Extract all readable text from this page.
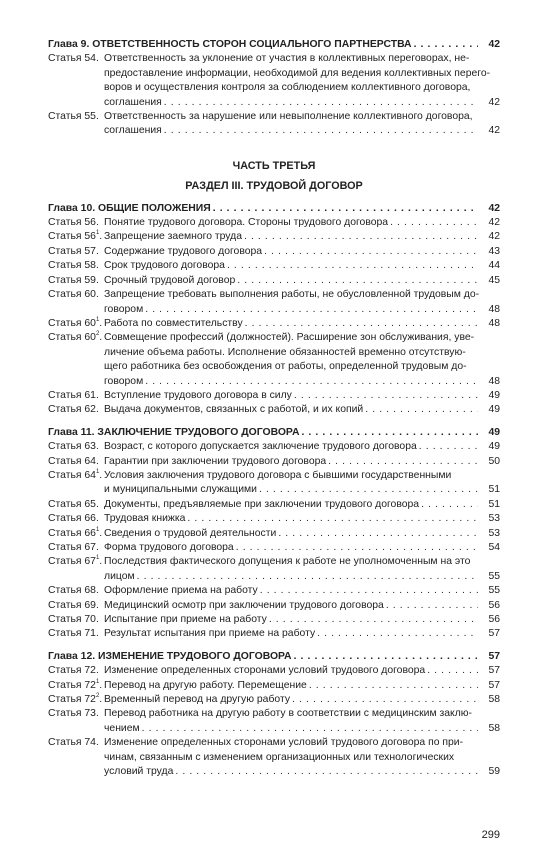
Глава 9. ОТВЕТСТВЕННОСТЬ СТОРОН СОЦИАЛЬНОГО ПАРТНЕРСТВА . . .	42
Статья 54. Ответственность за уклонение от участия в коллективных переговорах, не-
предоставление информации, необходимой для ведения коллективных перего-
воров и осуществления контроля за соблюдением коллективного договора,
соглашения . . .	42
Статья 55. Ответственность за нарушение или невыполнение коллективного договора,
соглашения . . .	42
ЧАСТЬ ТРЕТЬЯ
РАЗДЕЛ III. ТРУДОВОЙ ДОГОВОР
Глава 10. ОБЩИЕ ПОЛОЖЕНИЯ . . .	42
Статья 56. Понятие трудового договора. Стороны трудового договора . . .	42
Статья $56^1$. Запрещение заемного труда . . .	42
Статья 57. Содержание трудового договора . . .	43
Статья 58. Срок трудового договора . . .	44
Статья 59. Срочный трудовой договор . . .	45
Статья 60. Запрещение требовать выполнения работы, не обусловленной трудовым до-
говором . . .	48
Статья $60^1$. Работа по совместительству . . .	48
Статья $60^2$. Совмещение профессий (должностей). Расширение зон обслуживания, уве-
личение объема работы. Исполнение обязанностей временно отсутствую-
щего работника без освобождения от работы, определенной трудовым до-
говором . . .	48
Статья 61. Вступление трудового договора в силу . . .	49
Статья 62. Выдача документов, связанных с работой, и их копий . . .	49
Глава 11. ЗАКЛЮЧЕНИЕ ТРУДОВОГО ДОГОВОРА . . .	49
Статья 63. Возраст, с которого допускается заключение трудового договора . . .	49
Статья 64. Гарантии при заключении трудового договора . . .	50
Статья $64^1$. Условия заключения трудового договора с бывшими государственными
и муниципальными служащими . . .	51
Статья 65. Документы, предъявляемые при заключении трудового договора . . .	51
Статья 66. Трудовая книжка . . .	53
Статья $66^1$. Сведения о трудовой деятельности . . .	53
Статья 67. Форма трудового договора . . .	54
Статья $67^1$. Последствия фактического допущения к работе не уполномоченным на это
лицом . . .	55
Статья 68. Оформление приема на работу . . .	55
Статья 69. Медицинский осмотр при заключении трудового договора . . .	56
Статья 70. Испытание при приеме на работу . . .	56
Статья 71. Результат испытания при приеме на работу . . .	57
Глава 12. ИЗМЕНЕНИЕ ТРУДОВОГО ДОГОВОРА . . .	57
Статья 72. Изменение определенных сторонами условий трудового договора . . .	57
Статья $72^1$. Перевод на другую работу. Перемещение . . .	57
Статья $72^2$. Временный перевод на другую работу . . .	58
Статья 73. Перевод работника на другую работу в соответствии с медицинским заклю-
чением . . .	58
Статья 74. Изменение определенных сторонами условий трудового договора по при-
чинам, связанным с изменением организационных или технологических
условий труда . . .	59
299
